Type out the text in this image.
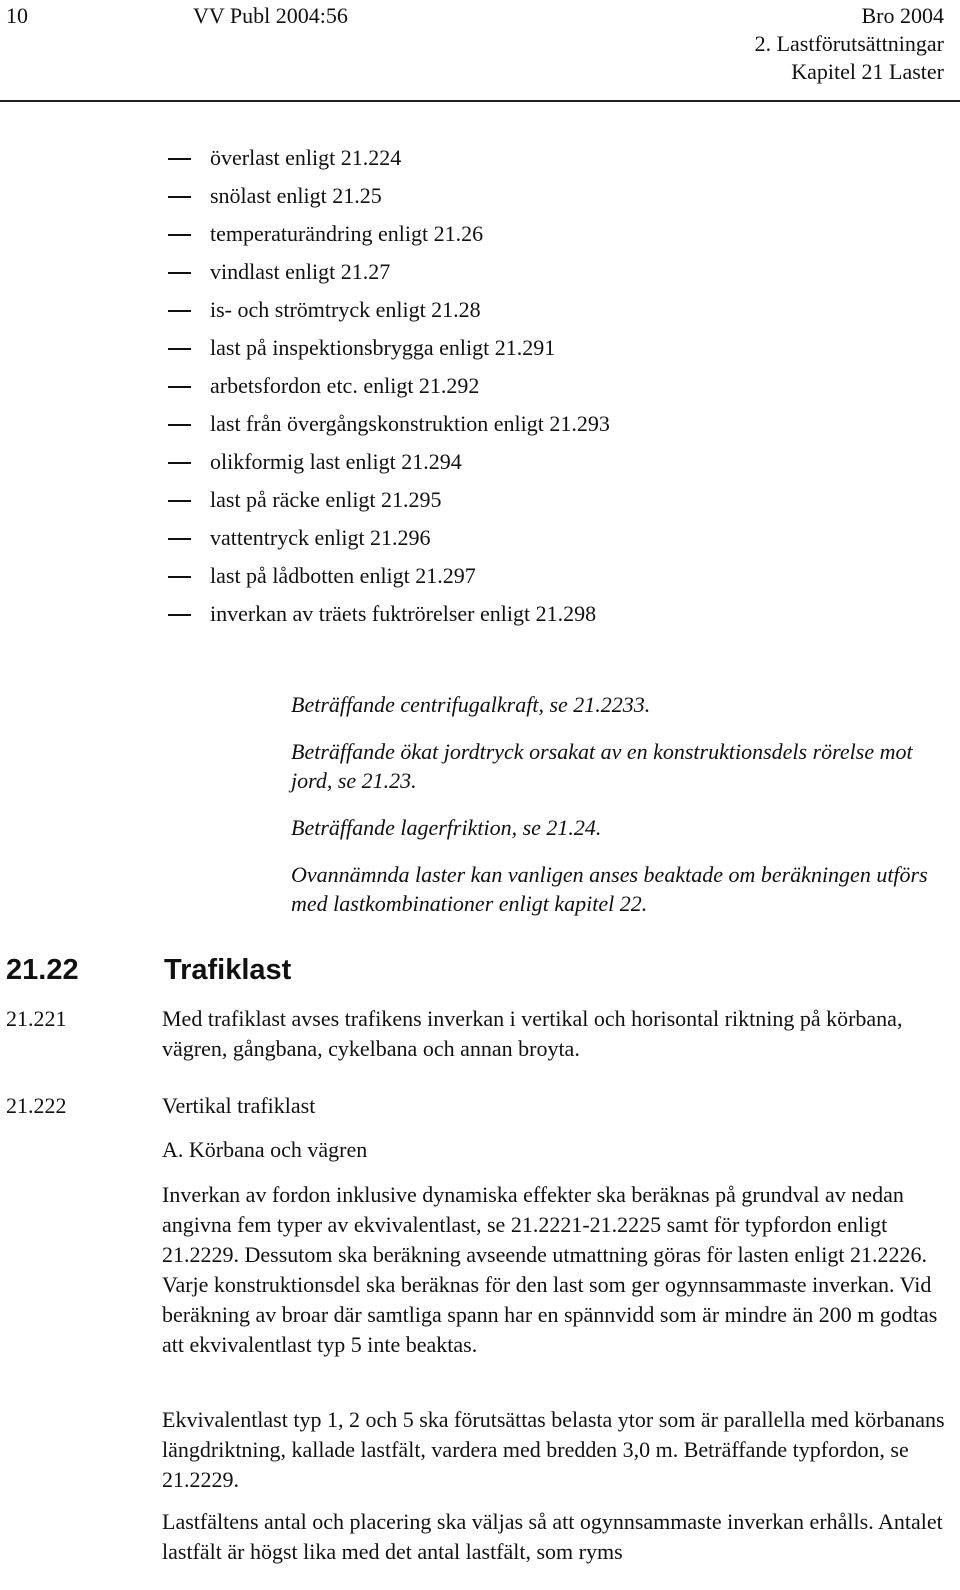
10	VV Publ 2004:56	Bro 2004
2. Lastförutsättningar
Kapitel 21 Laster
överlast enligt 21.224
snölast enligt 21.25
temperaturändring enligt 21.26
vindlast enligt 21.27
is- och strömtryck enligt 21.28
last på inspektionsbrygga enligt 21.291
arbetsfordon etc. enligt 21.292
last från övergångskonstruktion enligt 21.293
olikformig last enligt 21.294
last på räcke enligt 21.295
vattentryck enligt 21.296
last på lådbotten enligt 21.297
inverkan av träets fuktrörelser enligt 21.298

Beträffande centrifugalkraft, se 21.2233.

Beträffande ökat jordtryck orsakat av en konstruktionsdels rörelse mot jord, se 21.23.

Beträffande lagerfriktion, se 21.24.

Ovannämnda laster kan vanligen anses beaktade om beräkningen utförs med lastkombinationer enligt kapitel 22.

21.22	Trafiklast
21.221	Med trafiklast avses trafikens inverkan i vertikal och horisontal riktning på körbana, vägren, gångbana, cykelbana och annan broyta.

21.222	Vertikal trafiklast
A. Körbana och vägren

Inverkan av fordon inklusive dynamiska effekter ska beräknas på grundval av nedan angivna fem typer av ekvivalentlast, se 21.2221-21.2225 samt för typfordon enligt 21.2229. Dessutom ska beräkning avseende utmattning göras för lasten enligt 21.2226. Varje konstruktionsdel ska beräknas för den last som ger ogynnsammaste inverkan. Vid beräkning av broar där samtliga spann har en spännvidd som är mindre än 200 m godtas att ekvivalentlast typ 5 inte beaktas.

Ekvivalentlast typ 1, 2 och 5 ska förutsättas belasta ytor som är parallella med körbanans längdriktning, kallade lastfält, vardera med bredden 3,0 m. Beträffande typfordon, se 21.2229.

Lastfältens antal och placering ska väljas så att ogynnsammaste inverkan erhålls. Antalet lastfält är högst lika med det antal lastfält, som ryms
